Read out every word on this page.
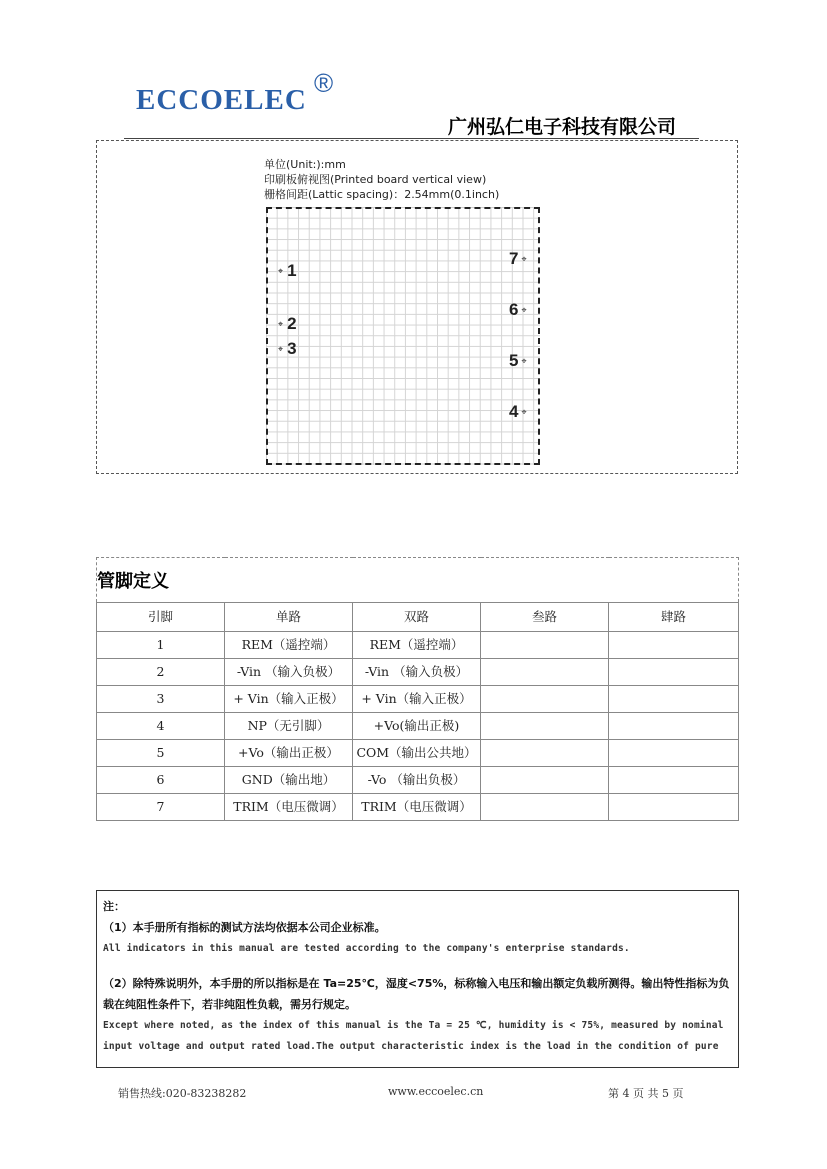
ECCOELEC
®
广州弘仁电子科技有限公司
单位(Unit:):mm
印刷板俯视图(Printed board vertical view)
栅格间距(Lattic spacing)：2.54mm(0.1inch)
⌖ 1
⌖ 2
⌖ 3
7 ⌖
6 ⌖
5 ⌖
4 ⌖
管脚定义				
引脚	单路	双路	叁路	肆路
1	REM（遥控端）	REM（遥控端）		
2	-Vin （输入负极）	-Vin （输入负极）		
3	+ Vin（输入正极）	+ Vin（输入正极）		
4	NP（无引脚）	+Vo(输出正极)		
5	+Vo（输出正极）	COM（输出公共地）		
6	GND（输出地）	-Vo （输出负极）		
7	TRIM（电压微调）	TRIM（电压微调）		
注：
（1）本手册所有指标的测试方法均依据本公司企业标准。
All indicators in this manual are tested according to the company's enterprise standards.
（2）除特殊说明外，本手册的所以指标是在 Ta=25℃，湿度<75%，标称输入电压和输出额定负载所测得。输出特性指标为负载在纯阻性条件下，若非纯阻性负载，需另行规定。
Except where noted, as the index of this manual is the Ta = 25 ℃, humidity is < 75%, measured by nominal input voltage and output rated load.The output characteristic index is the load in the condition of pure
销售热线:020-83238282	www.eccoelec.cn	第 4 页 共 5 页
